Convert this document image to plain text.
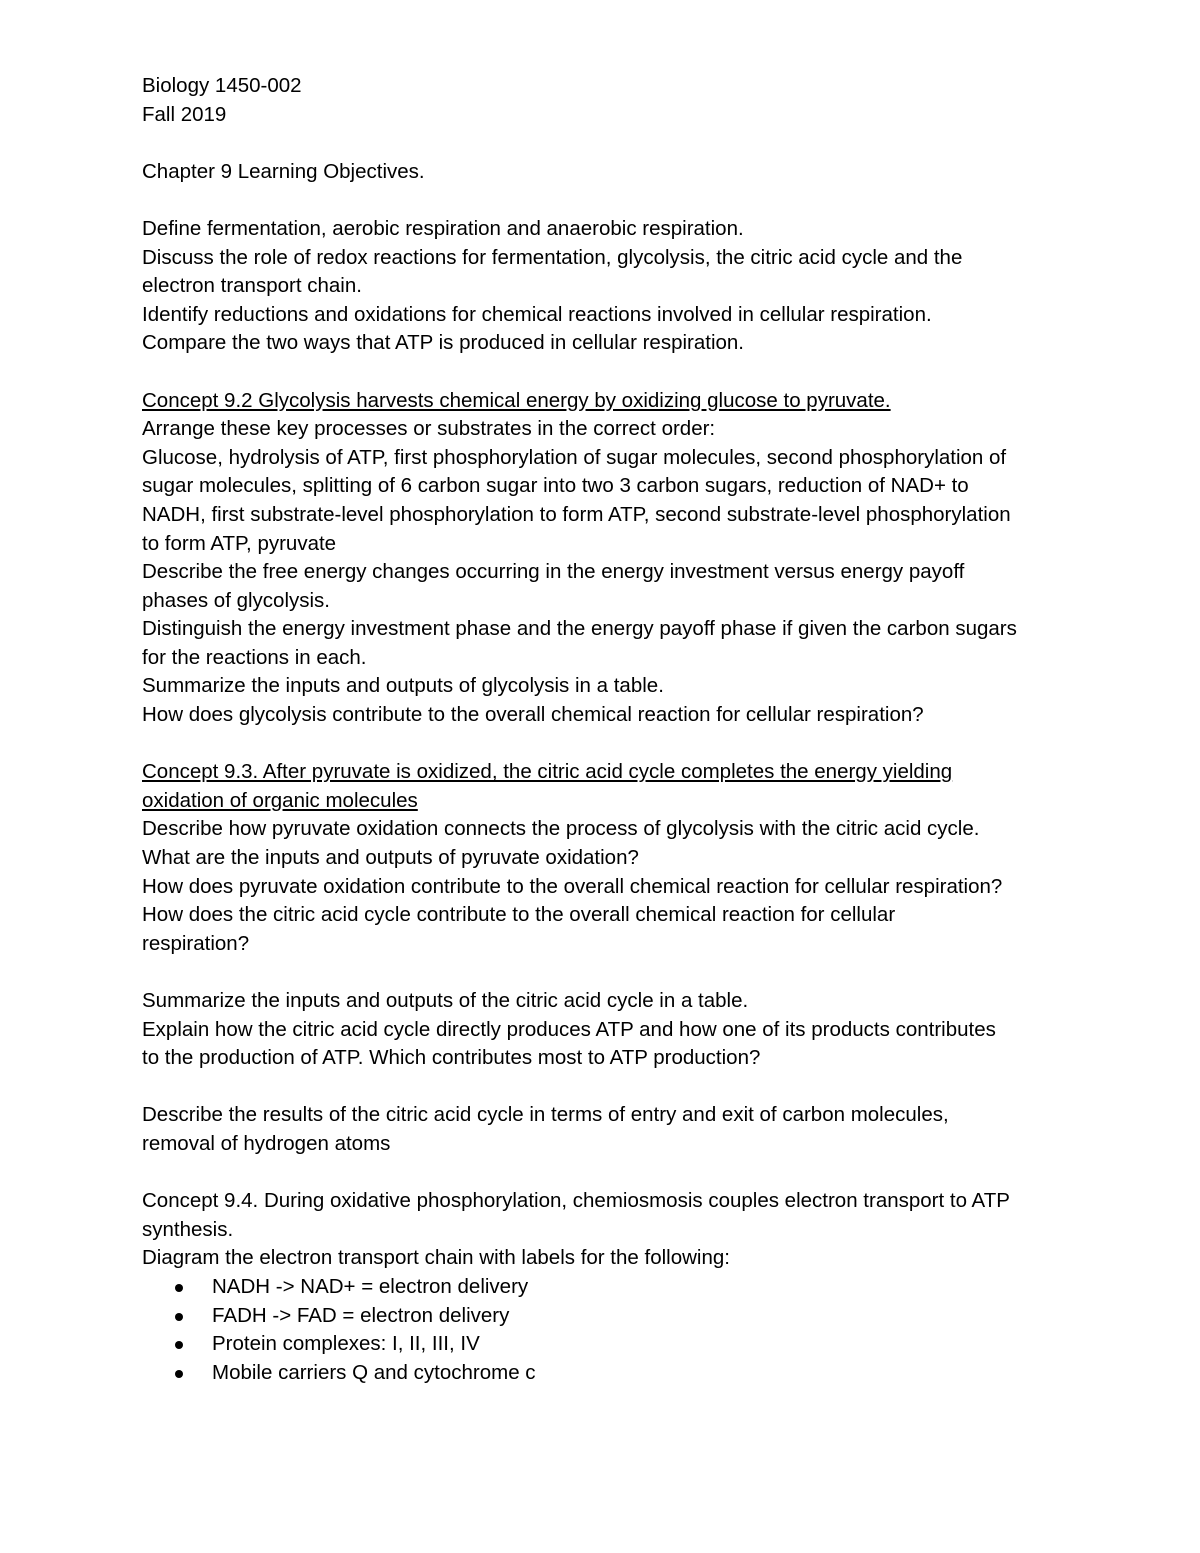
Biology 1450-002
Fall 2019
Chapter 9 Learning Objectives.
Define fermentation, aerobic respiration and anaerobic respiration.
Discuss the role of redox reactions for fermentation, glycolysis, the citric acid cycle and the
electron transport chain.
Identify reductions and oxidations for chemical reactions involved in cellular respiration.
Compare the two ways that ATP is produced in cellular respiration.
Concept 9.2 Glycolysis harvests chemical energy by oxidizing glucose to pyruvate.
Arrange these key processes or substrates in the correct order:
Glucose, hydrolysis of ATP, first phosphorylation of sugar molecules, second phosphorylation of
sugar molecules, splitting of 6 carbon sugar into two 3 carbon sugars, reduction of NAD+ to
NADH, first substrate-level phosphorylation to form ATP, second substrate-level phosphorylation
to form ATP, pyruvate
Describe the free energy changes occurring in the energy investment versus energy payoff
phases of glycolysis.
Distinguish the energy investment phase and the energy payoff phase if given the carbon sugars
for the reactions in each.
Summarize the inputs and outputs of glycolysis in a table.
How does glycolysis contribute to the overall chemical reaction for cellular respiration?
Concept 9.3. After pyruvate is oxidized, the citric acid cycle completes the energy yielding
oxidation of organic molecules
Describe how pyruvate oxidation connects the process of glycolysis with the citric acid cycle.
What are the inputs and outputs of pyruvate oxidation?
How does pyruvate oxidation contribute to the overall chemical reaction for cellular respiration?
How does the citric acid cycle contribute to the overall chemical reaction for cellular
respiration?
Summarize the inputs and outputs of the citric acid cycle in a table.
Explain how the citric acid cycle directly produces ATP and how one of its products contributes
to the production of ATP. Which contributes most to ATP production?
Describe the results of the citric acid cycle in terms of entry and exit of carbon molecules,
removal of hydrogen atoms
Concept 9.4. During oxidative phosphorylation, chemiosmosis couples electron transport to ATP
synthesis.
Diagram the electron transport chain with labels for the following:
NADH -> NAD+ = electron delivery
FADH -> FAD = electron delivery
Protein complexes: I, II, III, IV
Mobile carriers Q and cytochrome c
